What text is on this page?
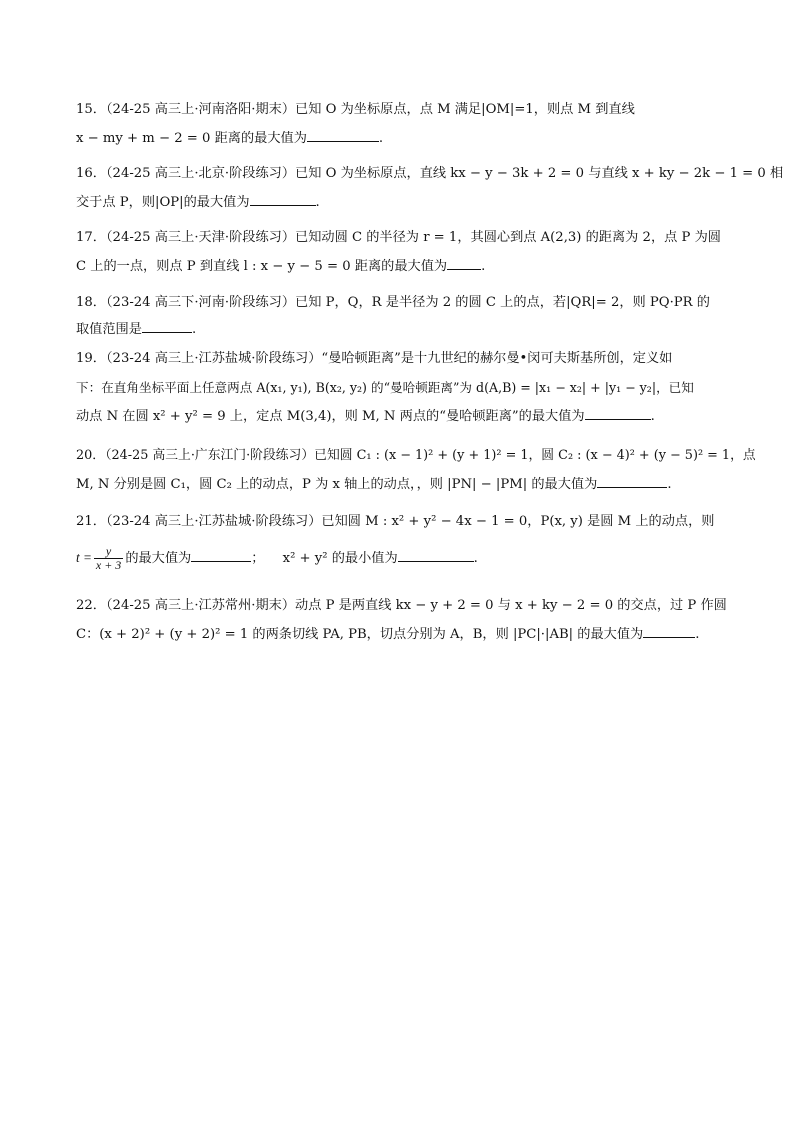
15．（24-25 高三上·河南洛阳·期末）已知 O 为坐标原点，点 M 满足|OM|=1，则点 M 到直线
x − my + m − 2 = 0 距离的最大值为	.
16．（24-25 高三上·北京·阶段练习）已知 O 为坐标原点，直线 kx − y − 3k + 2 = 0 与直线 x + ky − 2k − 1 = 0 相
交于点 P，则|OP|的最大值为	.
17．（24-25 高三上·天津·阶段练习）已知动圆 C 的半径为 r = 1，其圆心到点 A(2,3) 的距离为 2，点 P 为圆
C 上的一点，则点 P 到直线 l : x − y − 5 = 0 距离的最大值为	.
18．（23-24 高三下·河南·阶段练习）已知 P，Q，R 是半径为 2 的圆 C 上的点，若|QR|= 2，则 PQ·PR 的
取值范围是	.
19．（23-24 高三上·江苏盐城·阶段练习）“曼哈顿距离”是十九世纪的赫尔曼•闵可夫斯基所创，定义如
下：在直角坐标平面上任意两点 A(x₁, y₁), B(x₂, y₂) 的“曼哈顿距离”为 d(A,B) = |x₁ − x₂| + |y₁ − y₂|，已知
动点 N 在圆 x² + y² = 9 上，定点 M(3,4)，则 M, N 两点的“曼哈顿距离”的最大值为	.
20．（24-25 高三上·广东江门·阶段练习）已知圆 C₁ : (x − 1)² + (y + 1)² = 1，圆 C₂ : (x − 4)² + (y − 5)² = 1，点
M, N 分别是圆 C₁，圆 C₂ 上的动点，P 为 x 轴上的动点，，则 |PN| − |PM| 的最大值为	.
21．（23-24 高三上·江苏盐城·阶段练习）已知圆 M : x² + y² − 4x − 1 = 0，P(x, y) 是圆 M 上的动点，则
$t = \frac{y}{x + 3}$ 的最大值为	； x² + y² 的最小值为	.
22．（24-25 高三上·江苏常州·期末）动点 P 是两直线 kx − y + 2 = 0 与 x + ky − 2 = 0 的交点，过 P 作圆
C：(x + 2)² + (y + 2)² = 1 的两条切线 PA, PB，切点分别为 A，B，则 |PC|·|AB| 的最大值为	.
